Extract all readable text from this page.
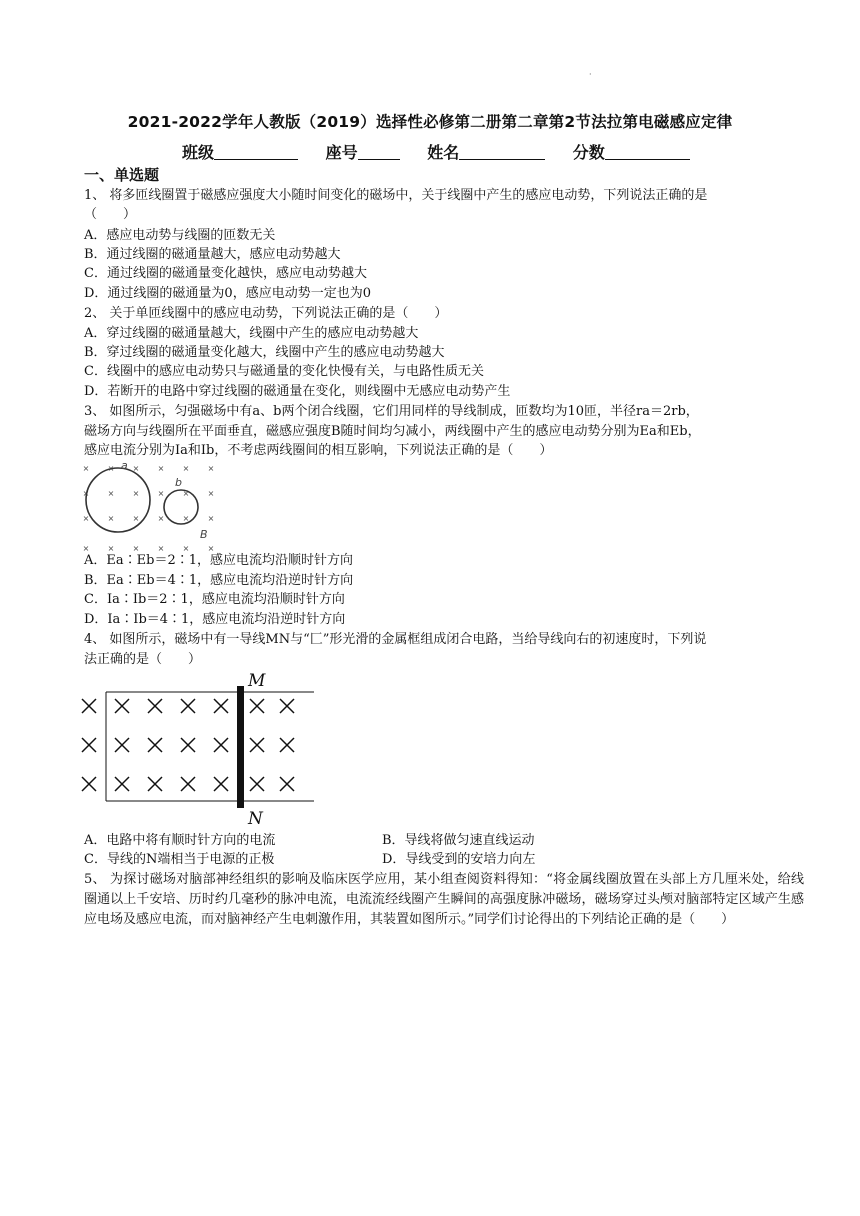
·
2021-2022学年人教版（2019）选择性必修第二册第二章第2节法拉第电磁感应定律
班级	座号	姓名	分数
一、单选题
1、 将多匝线圈置于磁感应强度大小随时间变化的磁场中，关于线圈中产生的感应电动势，下列说法正确的是
（　　）
A．感应电动势与线圈的匝数无关
B．通过线圈的磁通量越大，感应电动势越大
C．通过线圈的磁通量变化越快，感应电动势越大
D．通过线圈的磁通量为0，感应电动势一定也为0
2、 关于单匝线圈中的感应电动势，下列说法正确的是（　　）
A．穿过线圈的磁通量越大，线圈中产生的感应电动势越大
B．穿过线圈的磁通量变化越大，线圈中产生的感应电动势越大
C．线圈中的感应电动势只与磁通量的变化快慢有关，与电路性质无关
D．若断开的电路中穿过线圈的磁通量在变化，则线圈中无感应电动势产生
3、 如图所示，匀强磁场中有a、b两个闭合线圈，它们用同样的导线制成，匝数均为10匝，半径ra＝2rb，
磁场方向与线圈所在平面垂直，磁感应强度B随时间均匀减小，两线圈中产生的感应电动势分别为Ea和Eb，
感应电流分别为Ia和Ib，不考虑两线圈间的相互影响，下列说法正确的是（　　）
× × × × × ×
× × × × × ×
× × × × × ×
× × × × × ×
a
b
B
A．Ea∶Eb＝2∶1，感应电流均沿顺时针方向
B．Ea∶Eb＝4∶1，感应电流均沿逆时针方向
C．Ia∶Ib＝2∶1，感应电流均沿顺时针方向
D．Ia∶Ib＝4∶1，感应电流均沿逆时针方向
4、 如图所示，磁场中有一导线MN与“匚”形光滑的金属框组成闭合电路，当给导线向右的初速度时，下列说
法正确的是（　　）
M
N
A．电路中将有顺时针方向的电流	B．导线将做匀速直线运动
C．导线的N端相当于电源的正极	D．导线受到的安培力向左
5、 为探讨磁场对脑部神经组织的影响及临床医学应用，某小组查阅资料得知：“将金属线圈放置在头部上方几厘米处，给线圈通以上千安培、历时约几毫秒的脉冲电流，电流流经线圈产生瞬间的高强度脉冲磁场，磁场穿过头颅对脑部特定区域产生感应电场及感应电流，而对脑神经产生电刺激作用，其装置如图所示。”同学们讨论得出的下列结论正确的是（　　）
